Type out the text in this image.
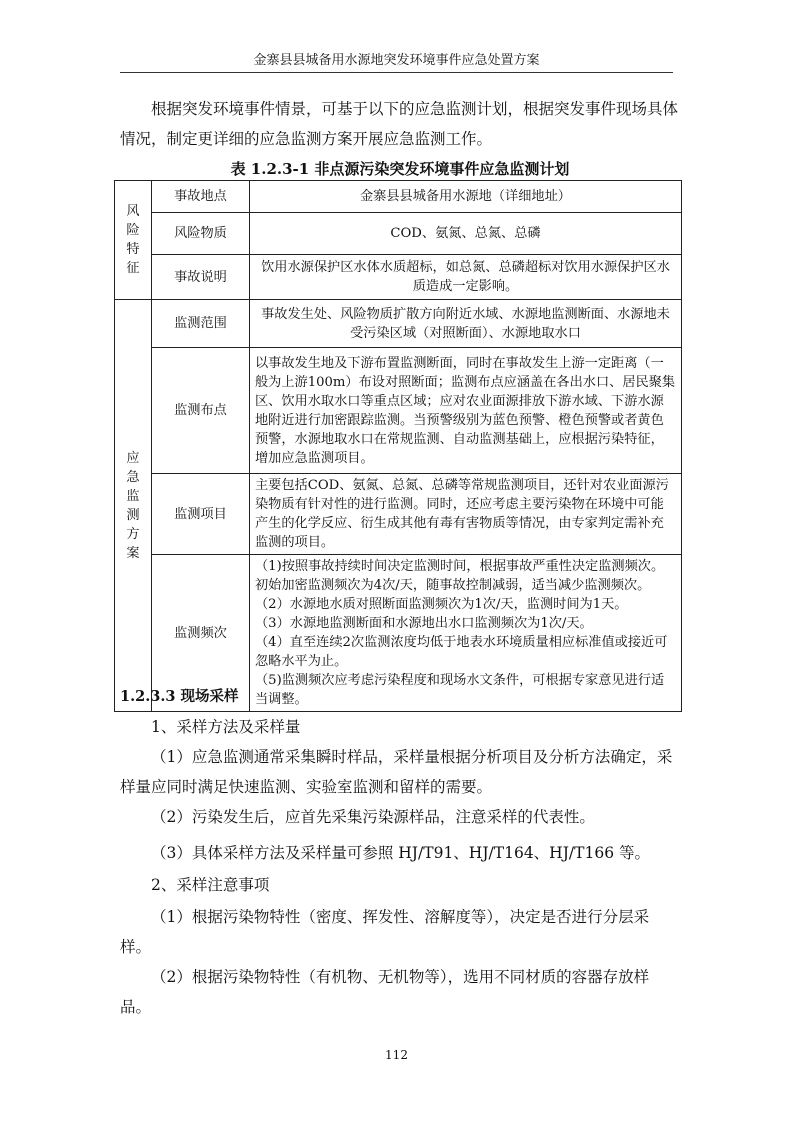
金寨县县城备用水源地突发环境事件应急处置方案

根据突发环境事件情景，可基于以下的应急监测计划，根据突发事件现场具体情况，制定更详细的应急监测方案开展应急监测工作。

表 1.2.3-1 非点源污染突发环境事件应急监测计划
风险特征	事故地点	金寨县县城备用水源地（详细地址）
	风险物质	COD、氨氮、总氮、总磷
	事故说明	饮用水源保护区水体水质超标，如总氮、总磷超标对饮用水源保护区水质造成一定影响。
应急监测方案	监测范围	事故发生处、风险物质扩散方向附近水域、水源地监测断面、水源地未受污染区域（对照断面）、水源地取水口
	监测布点	以事故发生地及下游布置监测断面，同时在事故发生上游一定距离（一般为上游100m）布设对照断面；监测布点应涵盖在各出水口、居民聚集区、饮用水取水口等重点区域；应对农业面源排放下游水域、下游水源地附近进行加密跟踪监测。当预警级别为蓝色预警、橙色预警或者黄色预警，水源地取水口在常规监测、自动监测基础上，应根据污染特征，增加应急监测项目。
	监测项目	主要包括COD、氨氮、总氮、总磷等常规监测项目，还针对农业面源污染物质有针对性的进行监测。同时，还应考虑主要污染物在环境中可能产生的化学反应、衍生成其他有毒有害物质等情况，由专家判定需补充监测的项目。
	监测频次	（1)按照事故持续时间决定监测时间，根据事故严重性决定监测频次。初始加密监测频次为4次/天，随事故控制减弱，适当减少监测频次。
（2）水源地水质对照断面监测频次为1次/天，监测时间为1天。
（3）水源地监测断面和水源地出水口监测频次为1次/天。
（4）直至连续2次监测浓度均低于地表水环境质量相应标准值或接近可忽略水平为止。
（5)监测频次应考虑污染程度和现场水文条件，可根据专家意见进行适当调整。
1.2.3.3 现场采样

1、采样方法及采样量

（1）应急监测通常采集瞬时样品，采样量根据分析项目及分析方法确定，采样量应同时满足快速监测、实验室监测和留样的需要。

（2）污染发生后，应首先采集污染源样品，注意采样的代表性。

（3）具体采样方法及采样量可参照 HJ/T91、HJ/T164、HJ/T166 等。

2、采样注意事项

（1）根据污染物特性（密度、挥发性、溶解度等），决定是否进行分层采样。

（2）根据污染物特性（有机物、无机物等），选用不同材质的容器存放样品。

112
